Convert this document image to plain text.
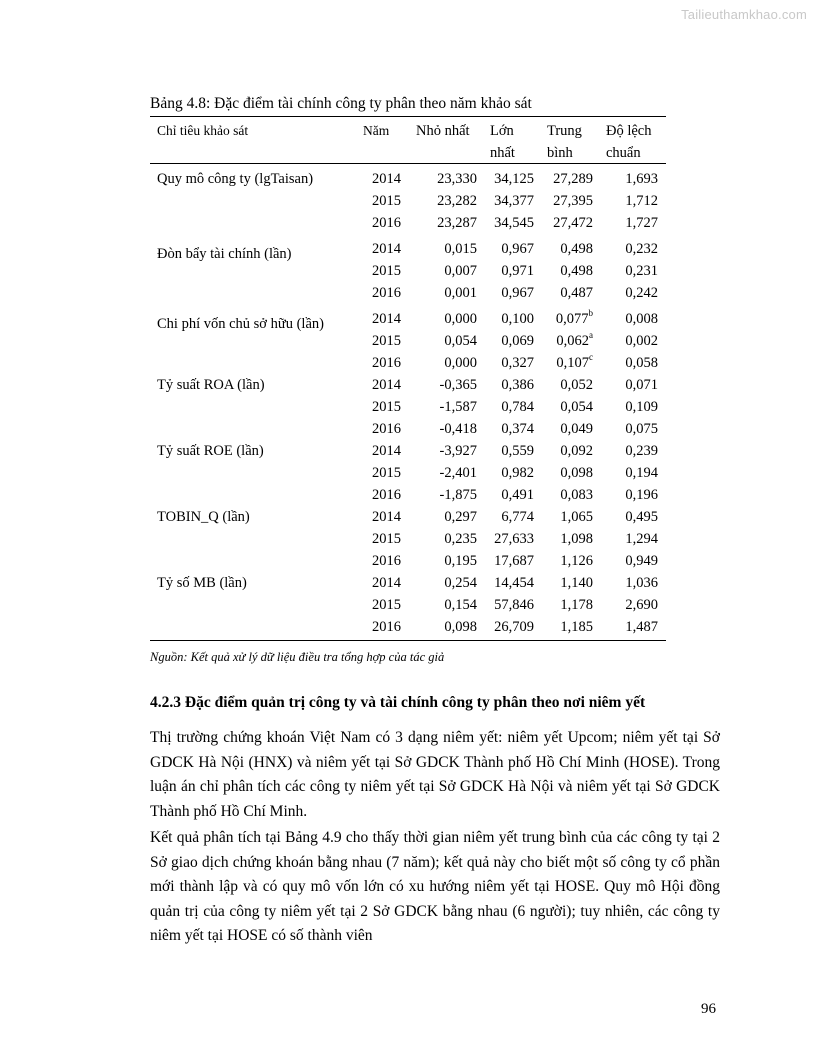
Tailieuthamkhao.com
Bảng 4.8: Đặc điểm tài chính công ty phân theo năm khảo sát
Chỉ tiêu khảo sát	Năm Nhỏ nhất Lớn
nhất
Trung
bình
Độ lệch
chuẩn
Quy mô công ty (lgTaisan)	2014 23,330 34,125 27,289 1,693
2015 23,282 34,377 27,395 1,712
2016 23,287 34,545 27,472 1,727
Đòn bẩy tài chính (lần)	2014	0,015 0,967 0,498 0,232
2015	0,007 0,971 0,498 0,231
2016	0,001 0,967 0,487 0,242
Chi phí vốn chủ sở hữu (lần)	2014	0,000 0,100 0,077$^b$ 0,008
2015	0,054 0,069 0,062$^a$ 0,002
2016	0,000 0,327 0,107$^c$ 0,058
Tỷ suất ROA (lần)	2014	-0,365 0,386 0,052 0,071
2015	-1,587 0,784 0,054 0,109
2016	-0,418 0,374 0,049 0,075
Tỷ suất ROE (lần)	2014	-3,927 0,559 0,092 0,239
2015	-2,401 0,982 0,098 0,194
2016	-1,875 0,491 0,083 0,196
TOBIN_Q (lần)	2014	0,297 6,774 1,065 0,495
2015	0,235 27,633 1,098 1,294
2016	0,195 17,687 1,126 0,949
Tỷ số MB (lần)	2014	0,254 14,454 1,140 1,036
2015	0,154 57,846 1,178 2,690
2016	0,098 26,709 1,185 1,487
Nguồn: Kết quả xử lý dữ liệu điều tra tổng hợp của tác giả
4.2.3 Đặc điểm quản trị công ty và tài chính công ty phân theo nơi niêm yết

Thị trường chứng khoán Việt Nam có 3 dạng niêm yết: niêm yết Upcom; niêm yết tại Sở GDCK Hà Nội (HNX) và niêm yết tại Sở GDCK Thành phố Hồ Chí Minh (HOSE). Trong luận án chỉ phân tích các công ty niêm yết tại Sở GDCK Hà Nội và niêm yết tại Sở GDCK Thành phố Hồ Chí Minh.

Kết quả phân tích tại Bảng 4.9 cho thấy thời gian niêm yết trung bình của các công ty tại 2 Sở giao dịch chứng khoán bằng nhau (7 năm); kết quả này cho biết một số công ty cổ phần mới thành lập và có quy mô vốn lớn có xu hướng niêm yết tại HOSE. Quy mô Hội đồng quản trị của công ty niêm yết tại 2 Sở GDCK bằng nhau (6 người); tuy nhiên, các công ty niêm yết tại HOSE có số thành viên

96
